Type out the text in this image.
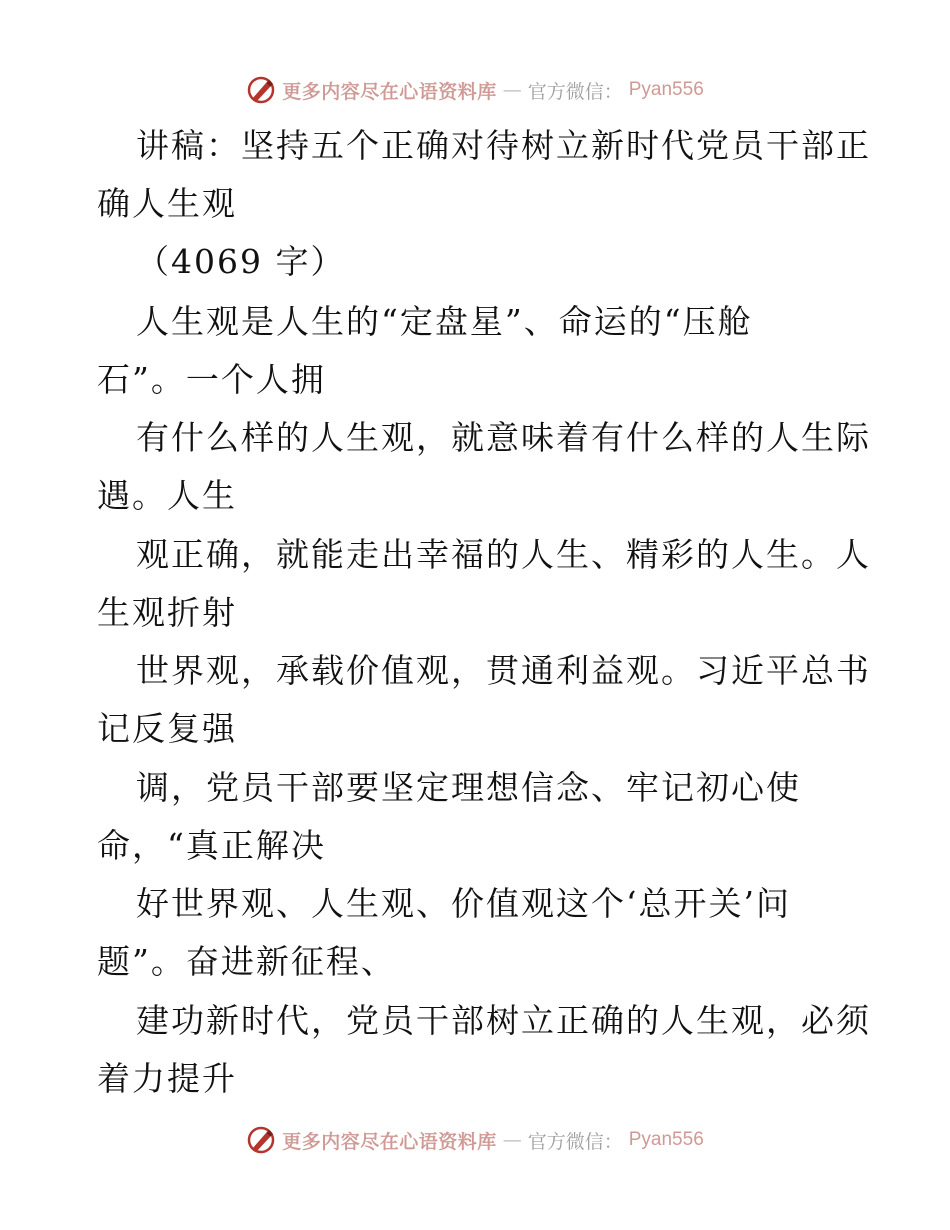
更多内容尽在心语资料库 — 官方微信： Pyan556
讲稿：坚持五个正确对待树立新时代党员干部正
确人生观
（4069 字）
人生观是人生的“定盘星”、命运的“压舱
石”。一个人拥
有什么样的人生观，就意味着有什么样的人生际
遇。人生
观正确，就能走出幸福的人生、精彩的人生。人
生观折射
世界观，承载价值观，贯通利益观。习近平总书
记反复强
调，党员干部要坚定理想信念、牢记初心使
命，“真正解决
好世界观、人生观、价值观这个‘总开关’问
题”。奋进新征程、
建功新时代，党员干部树立正确的人生观，必须
着力提升
更多内容尽在心语资料库 — 官方微信： Pyan556
